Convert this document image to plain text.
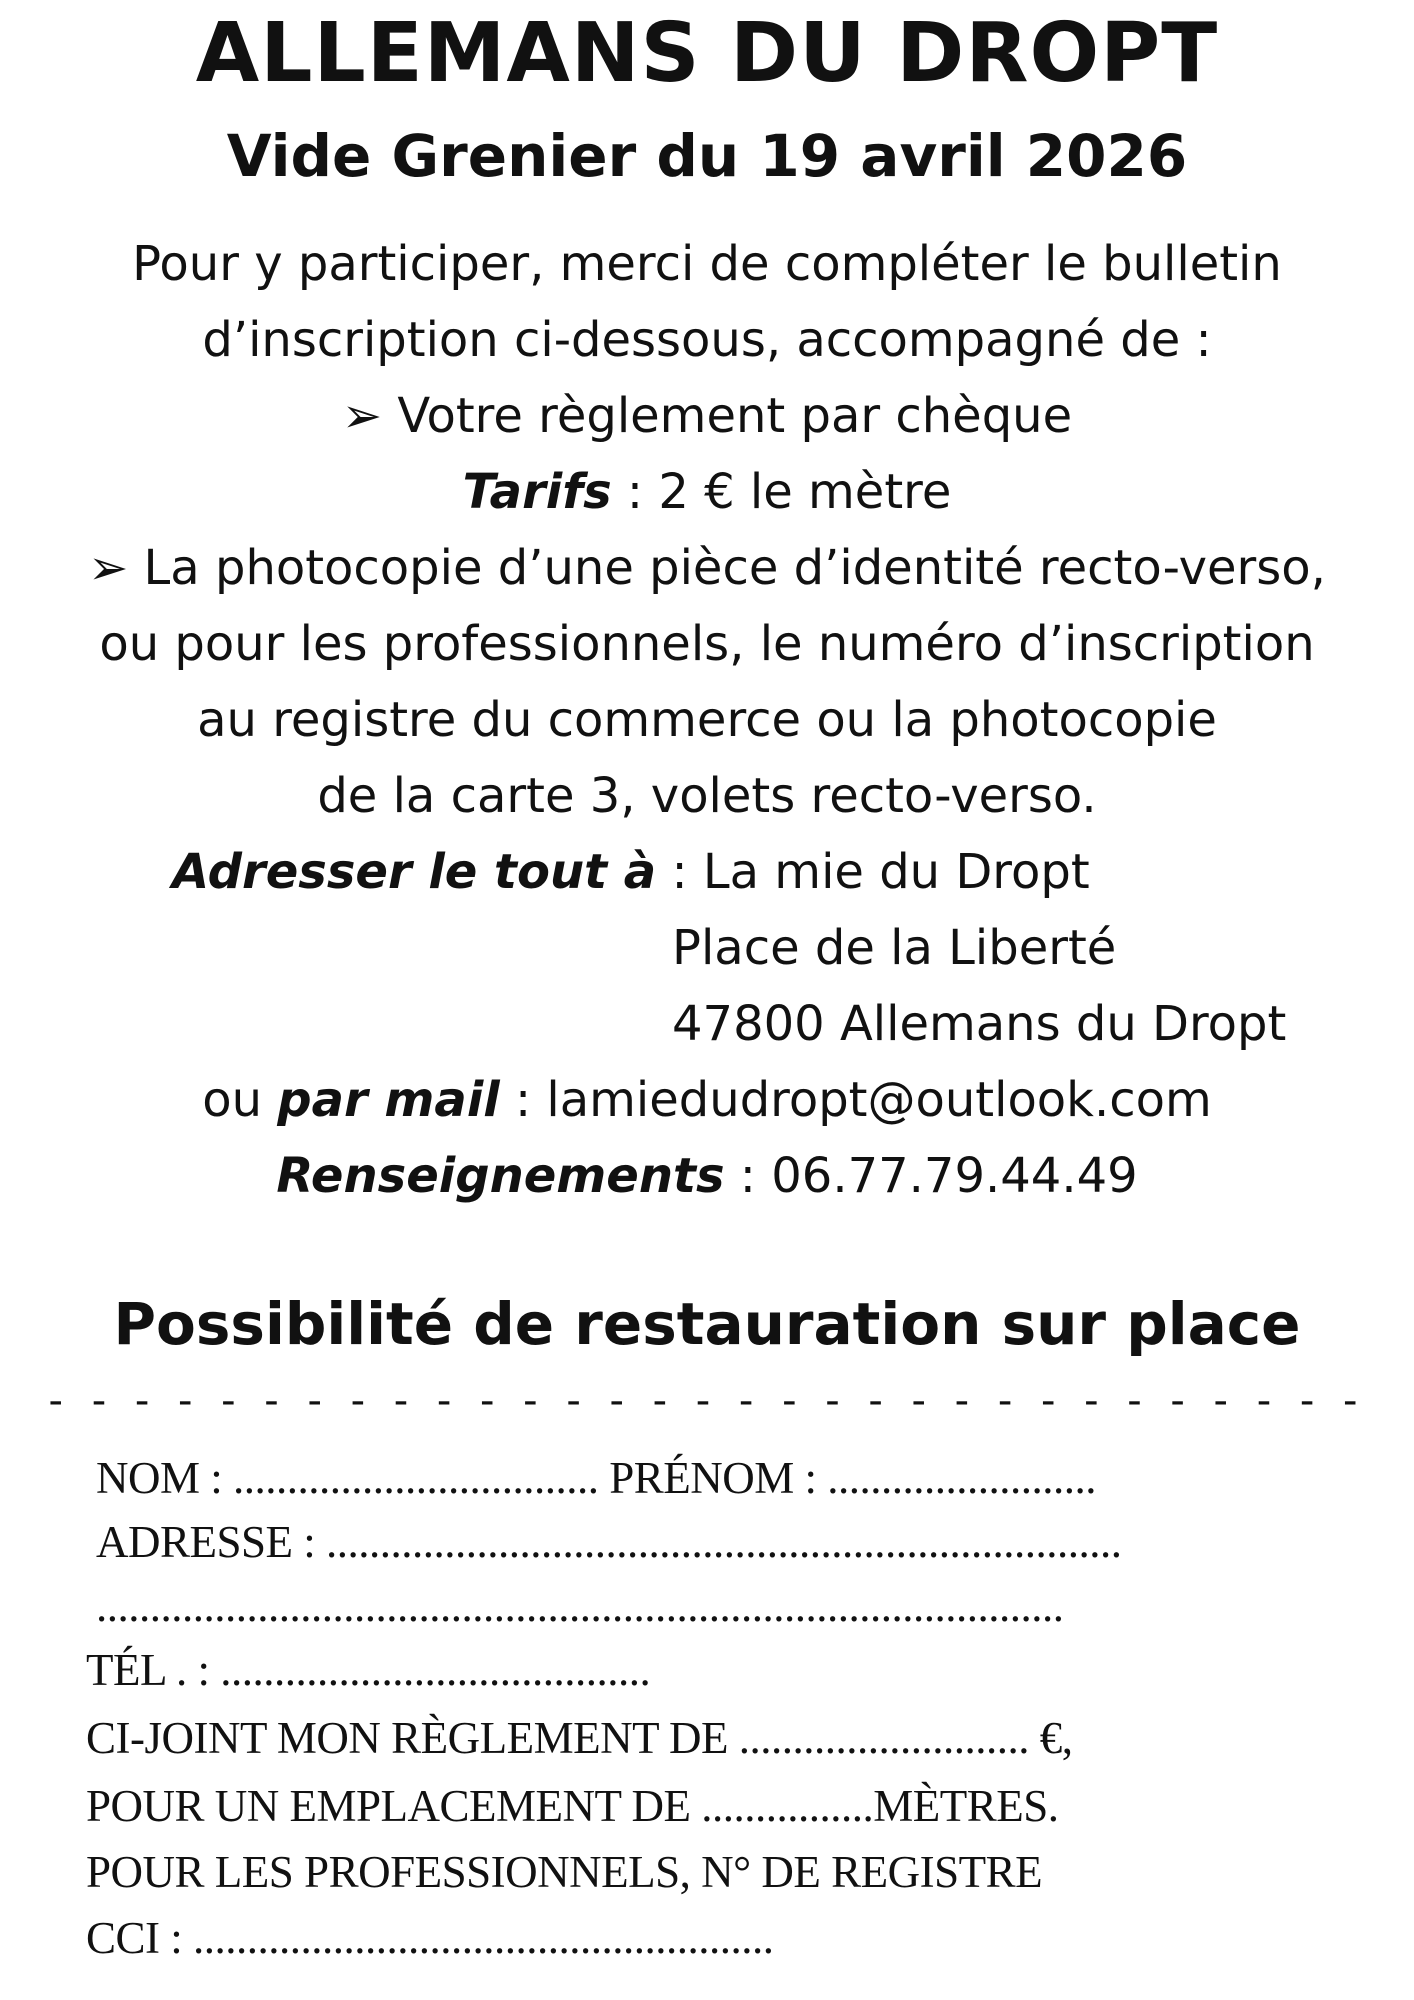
ALLEMANS DU DROPT
Vide Grenier du 19 avril 2026
Pour y participer, merci de compléter le bulletin
d’inscription ci-dessous, accompagné de :
➢ Votre règlement par chèque
Tarifs : 2 € le mètre
➢ La photocopie d’une pièce d’identité recto-verso,
ou pour les professionnels, le numéro d’inscription
au registre du commerce ou la photocopie
de la carte 3, volets recto-verso.
Adresser le tout à : La mie du Dropt
Place de la Liberté
47800 Allemans du Dropt
ou par mail : lamiedudropt@outlook.com
Renseignements : 06.77.79.44.49
Possibilité de restauration sur place
- - - - - - - - - - - - - - - - - - - - - - - - - - - - - - -
NOM : .................................. PRÉNOM : .........................
ADRESSE : ..........................................................................
..........................................................................................
TÉL . : ........................................
CI-JOINT MON RÈGLEMENT DE ........................... €,
POUR UN EMPLACEMENT DE ................MÈTRES.
POUR LES PROFESSIONNELS, N° DE REGISTRE
CCI : ......................................................
